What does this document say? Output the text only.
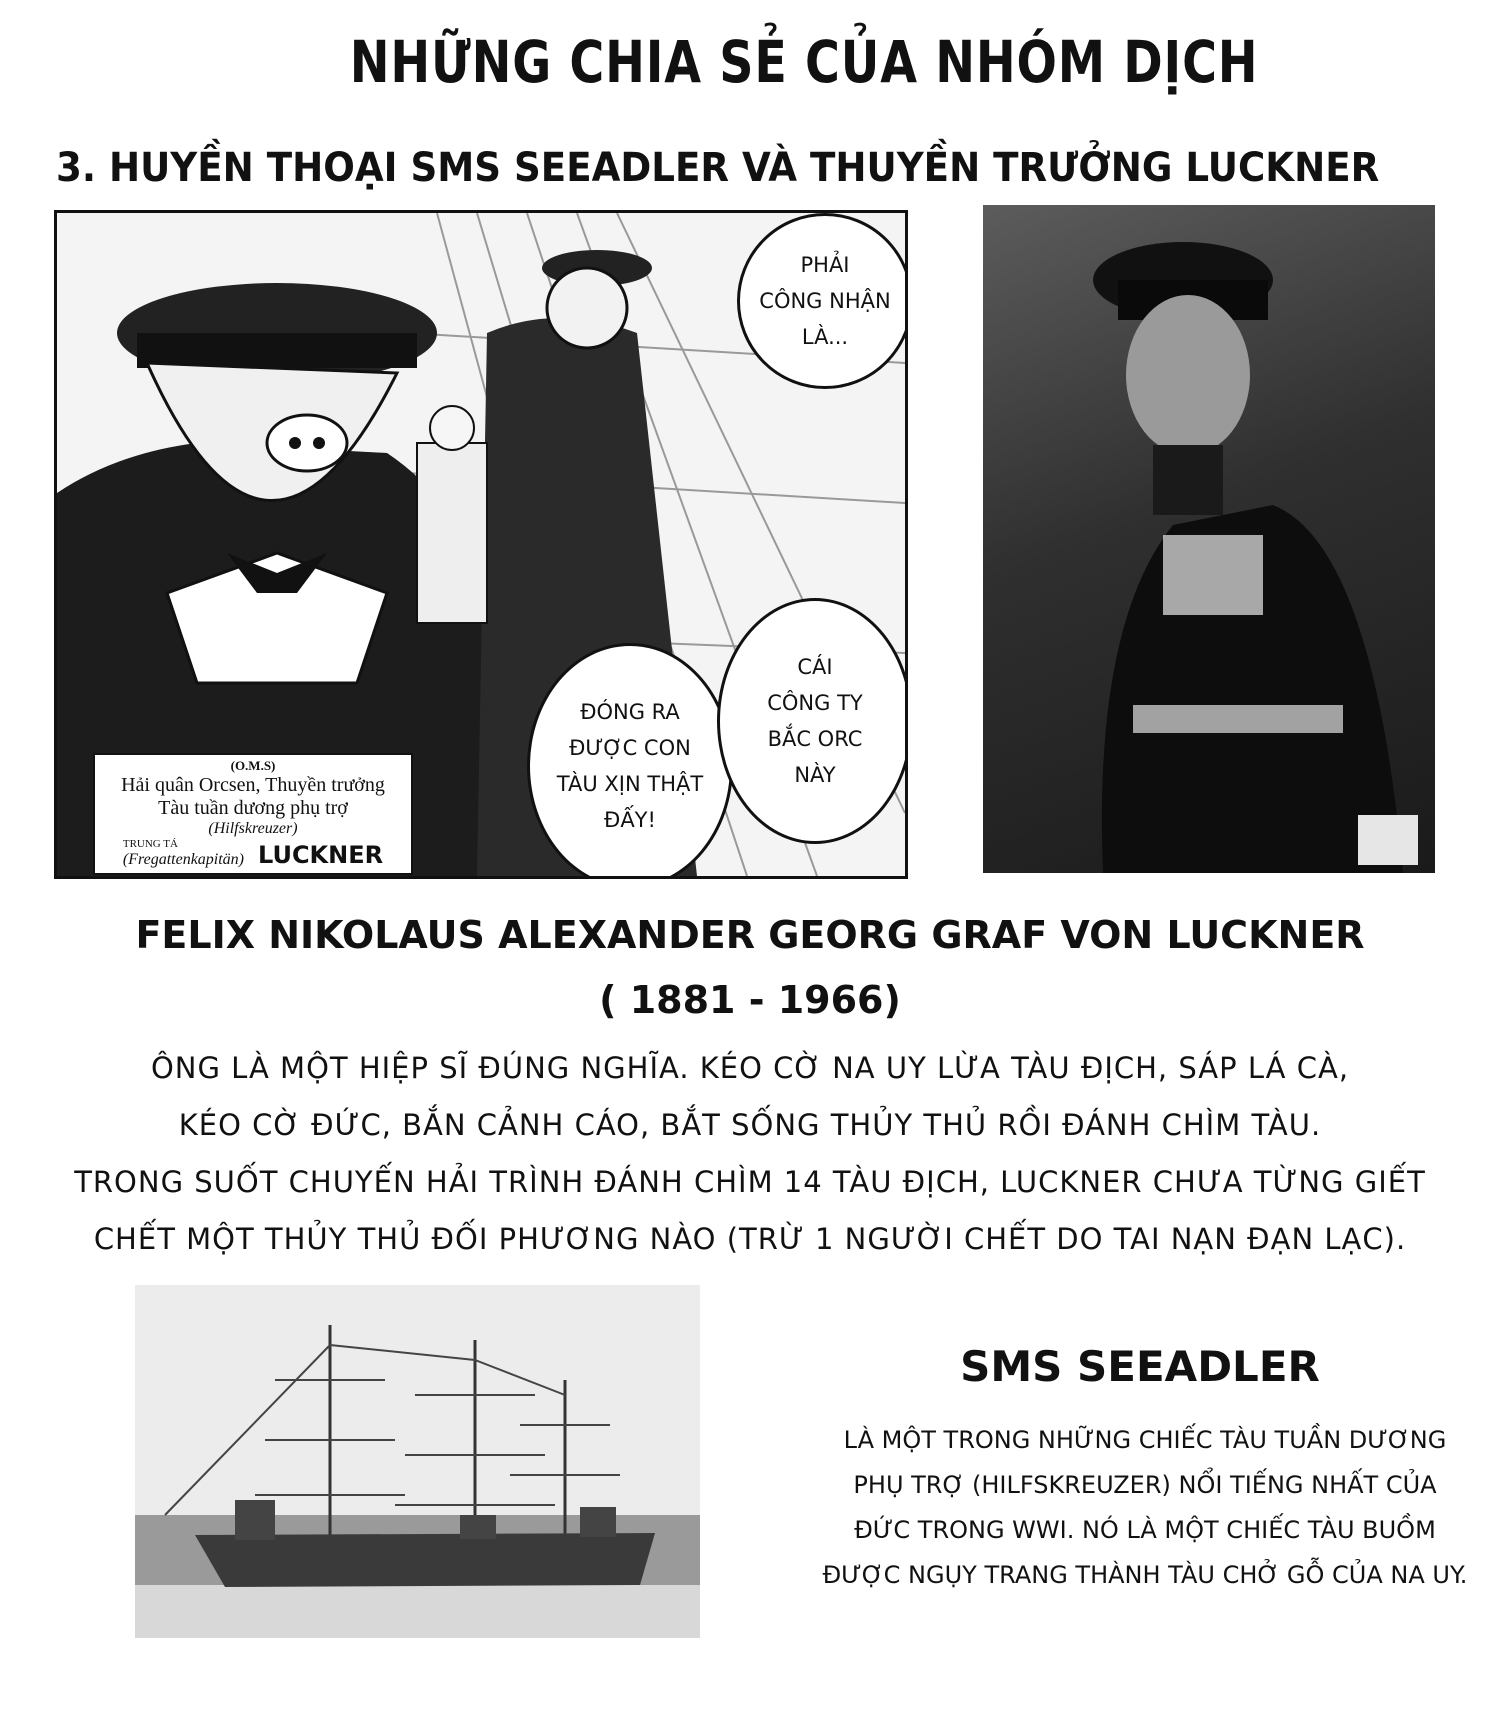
NHỮNG CHIA SẺ CỦA NHÓM DỊCH
3. HUYỀN THOẠI SMS SEEADLER VÀ THUYỀN TRƯỞNG LUCKNER
PHẢI
CÔNG NHẬN
LÀ...
ĐÓNG RA
ĐƯỢC CON
TÀU XỊN THẬT
ĐẤY!
CÁI
CÔNG TY
BẮC ORC
NÀY
(O.M.S)
Hải quân Orcsen, Thuyền trưởng
Tàu tuần dương phụ trợ
(Hilfskreuzer)
TRUNG TÁ
(Fregattenkapitän) LUCKNER
FELIX NIKOLAUS ALEXANDER GEORG GRAF VON LUCKNER
( 1881 - 1966)
ÔNG LÀ MỘT HIỆP SĨ ĐÚNG NGHĨA. KÉO CỜ NA UY LỪA TÀU ĐỊCH, SÁP LÁ CÀ,
KÉO CỜ ĐỨC, BẮN CẢNH CÁO, BẮT SỐNG THỦY THỦ RỒI ĐÁNH CHÌM TÀU.
TRONG SUỐT CHUYẾN HẢI TRÌNH ĐÁNH CHÌM 14 TÀU ĐỊCH, LUCKNER CHƯA TỪNG GIẾT
CHẾT MỘT THỦY THỦ ĐỐI PHƯƠNG NÀO (TRỪ 1 NGƯỜI CHẾT DO TAI NẠN ĐẠN LẠC).
SMS SEEADLER
LÀ MỘT TRONG NHỮNG CHIẾC TÀU TUẦN DƯƠNG
PHỤ TRỢ (HILFSKREUZER) NỔI TIẾNG NHẤT CỦA
ĐỨC TRONG WWI. NÓ LÀ MỘT CHIẾC TÀU BUỒM
ĐƯỢC NGỤY TRANG THÀNH TÀU CHỞ GỖ CỦA NA UY.
